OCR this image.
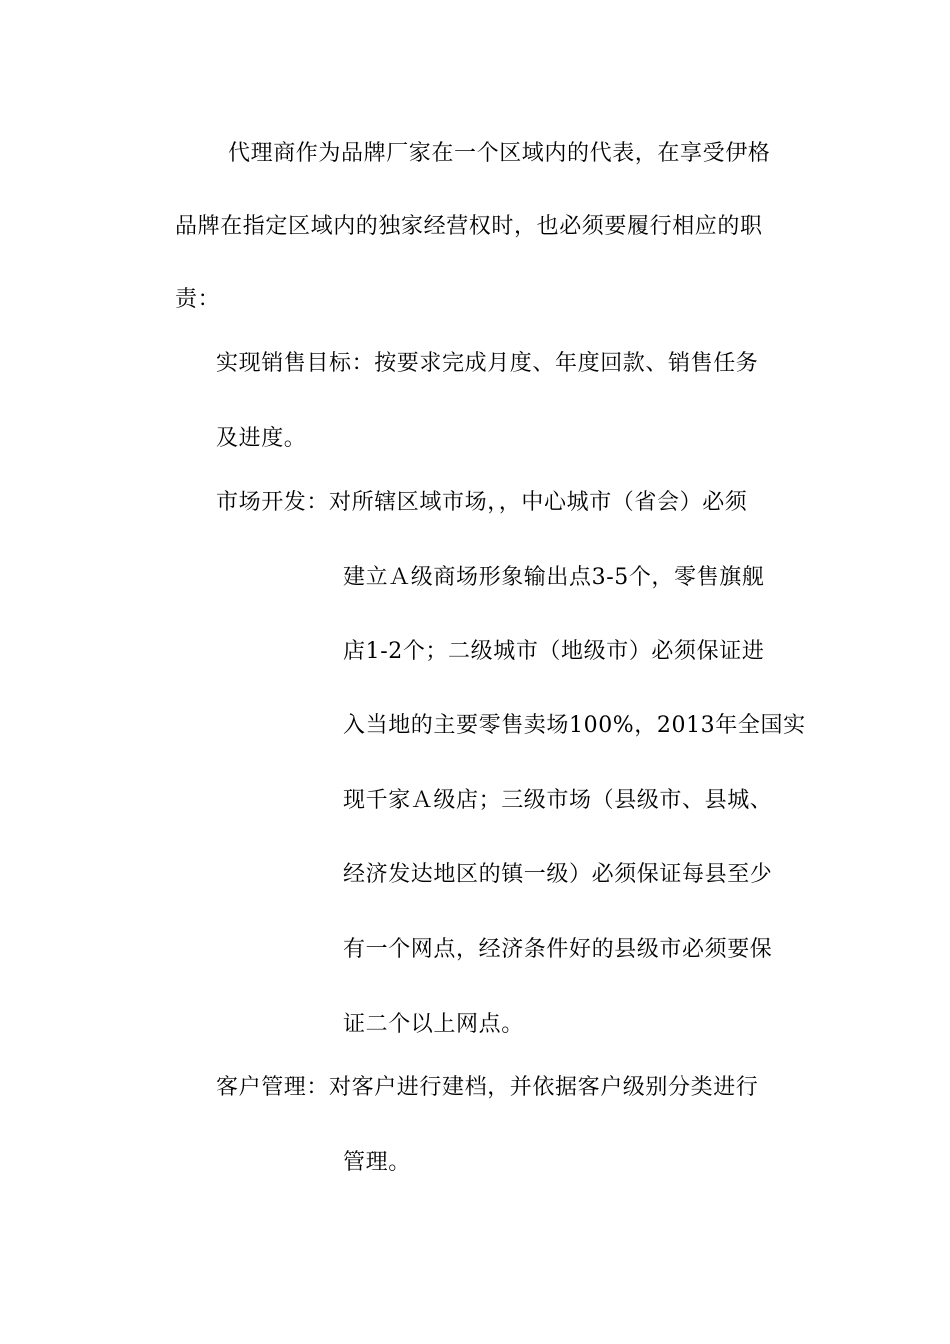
代理商作为品牌厂家在一个区域内的代表，在享受伊格
品牌在指定区域内的独家经营权时，也必须要履行相应的职
责：
实现销售目标：按要求完成月度、年度回款、销售任务
及进度。
市场开发：对所辖区域市场，，中心城市（省会）必须
建立Ａ级商场形象输出点3-5个，零售旗舰
店1-2个；二级城市（地级市）必须保证进
入当地的主要零售卖场100%，2013年全国实
现千家Ａ级店；三级市场（县级市、县城、
经济发达地区的镇一级）必须保证每县至少
有一个网点，经济条件好的县级市必须要保
证二个以上网点。
客户管理：对客户进行建档，并依据客户级别分类进行
管理。
